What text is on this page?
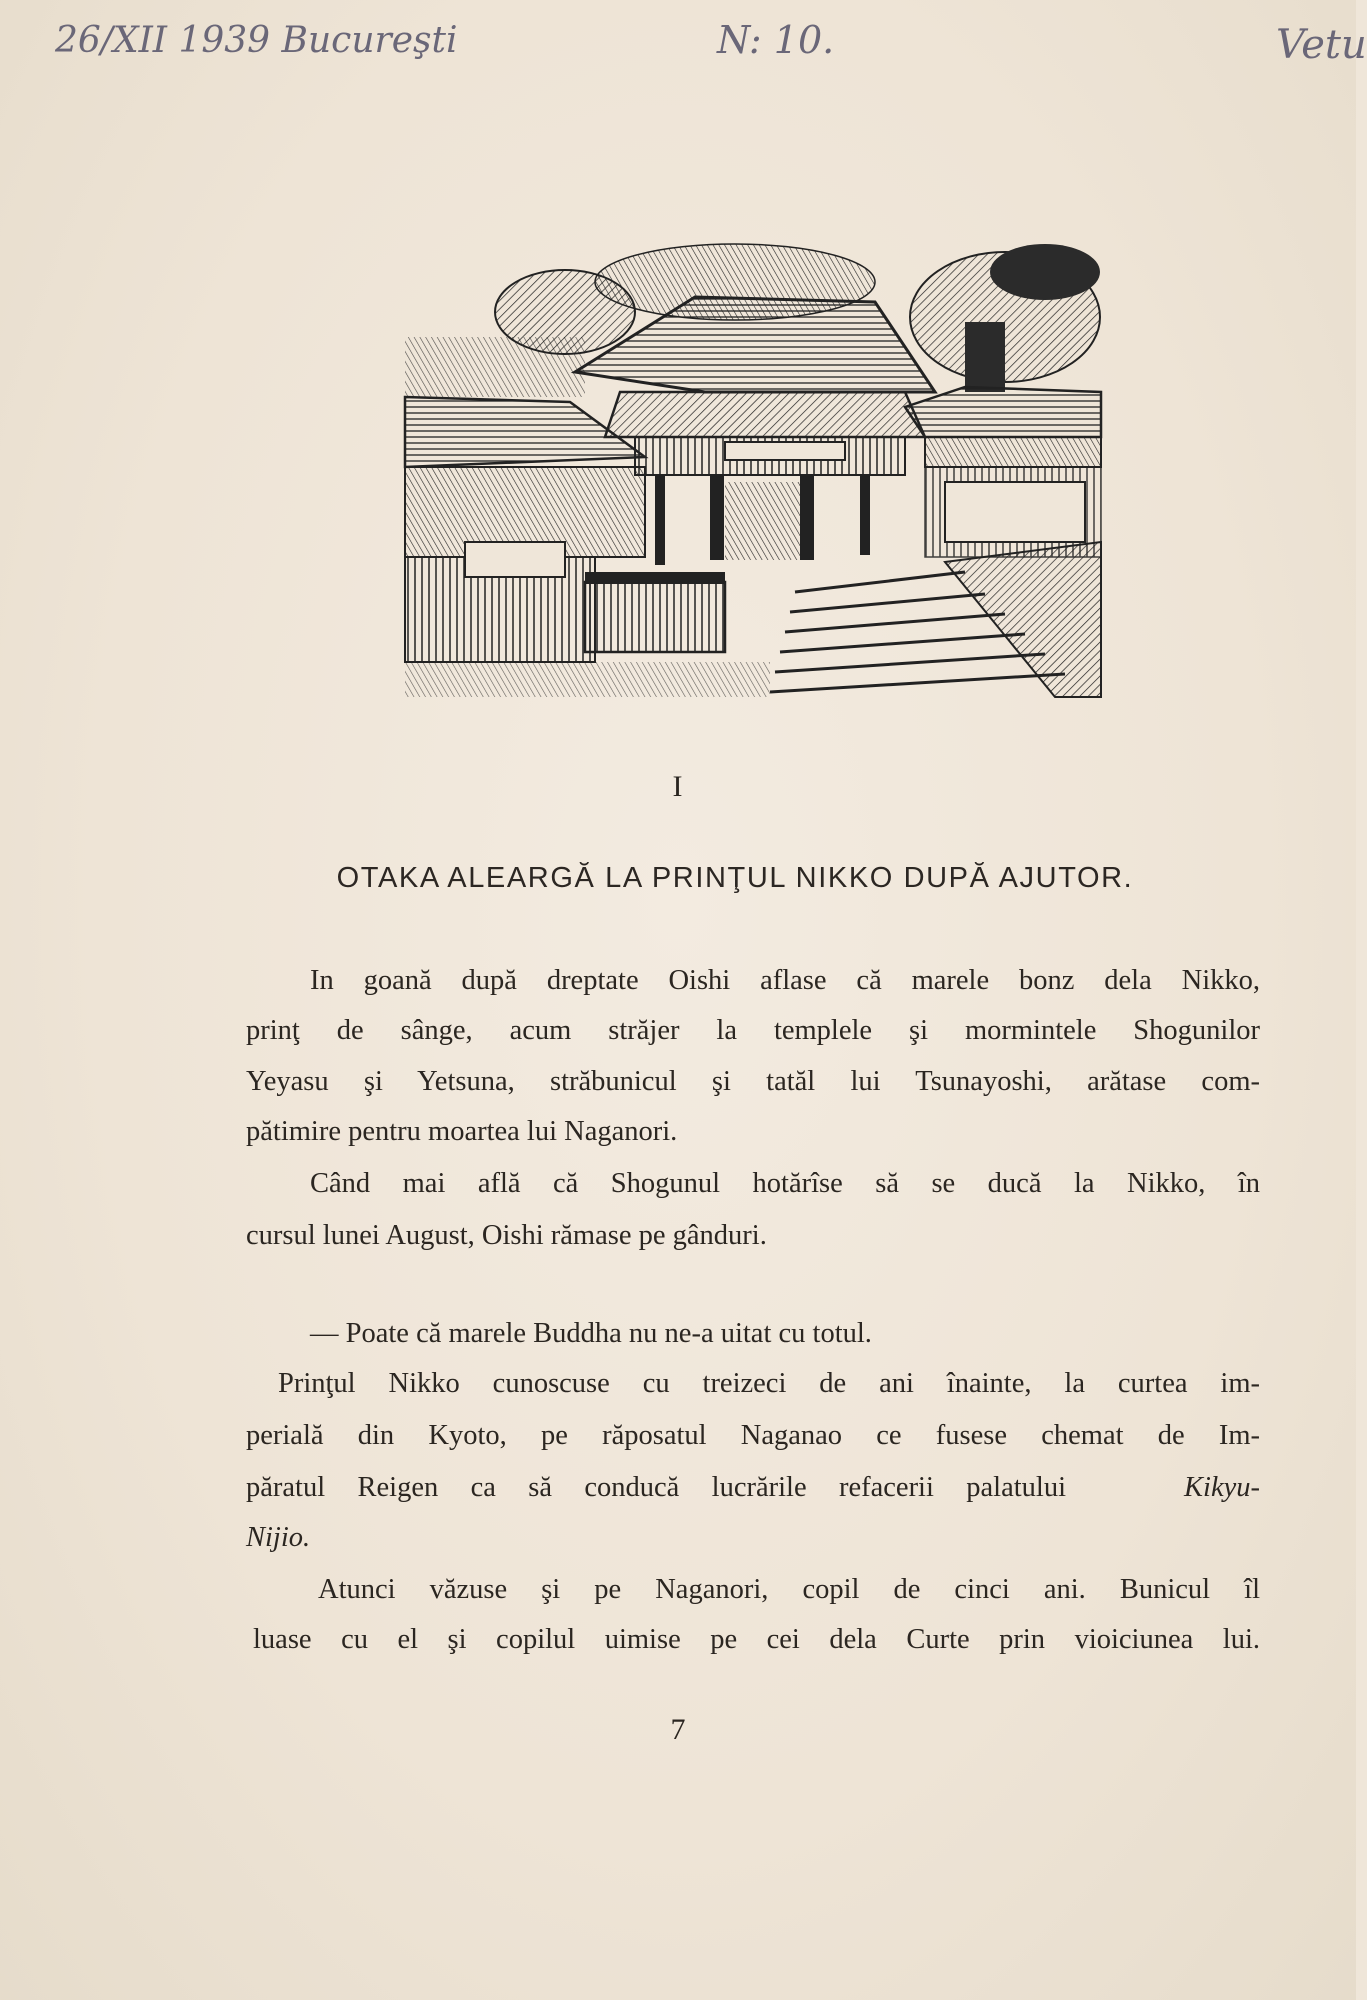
26/XII 1939 Bucureşti	N: 10.	Vetu
I
OTAKA ALEARGĂ LA PRINŢUL NIKKO DUPĂ AJUTOR.
In goană după dreptate Oishi aflase că marele bonz dela Nikko,
prinţ de sânge, acum străjer la templele şi mormintele Shogunilor
Yeyasu şi Yetsuna, străbunicul şi tatăl lui Tsunayoshi, arătase com-
pătimire pentru moartea lui Naganori.
Când mai află că Shogunul hotărîse să se ducă la Nikko, în
cursul lunei August, Oishi rămase pe gânduri.
— Poate că marele Buddha nu ne-a uitat cu totul.
Prinţul Nikko cunoscuse cu treizeci de ani înainte, la curtea im-
perială din Kyoto, pe răposatul Naganao ce fusese chemat de Im-
păratul Reigen ca să conducă lucrările refacerii palatului	Kikyu-
Nijio.
Atunci văzuse şi pe Naganori, copil de cinci ani. Bunicul îl
luase cu el şi copilul uimise pe cei dela Curte prin vioiciunea lui.
7
